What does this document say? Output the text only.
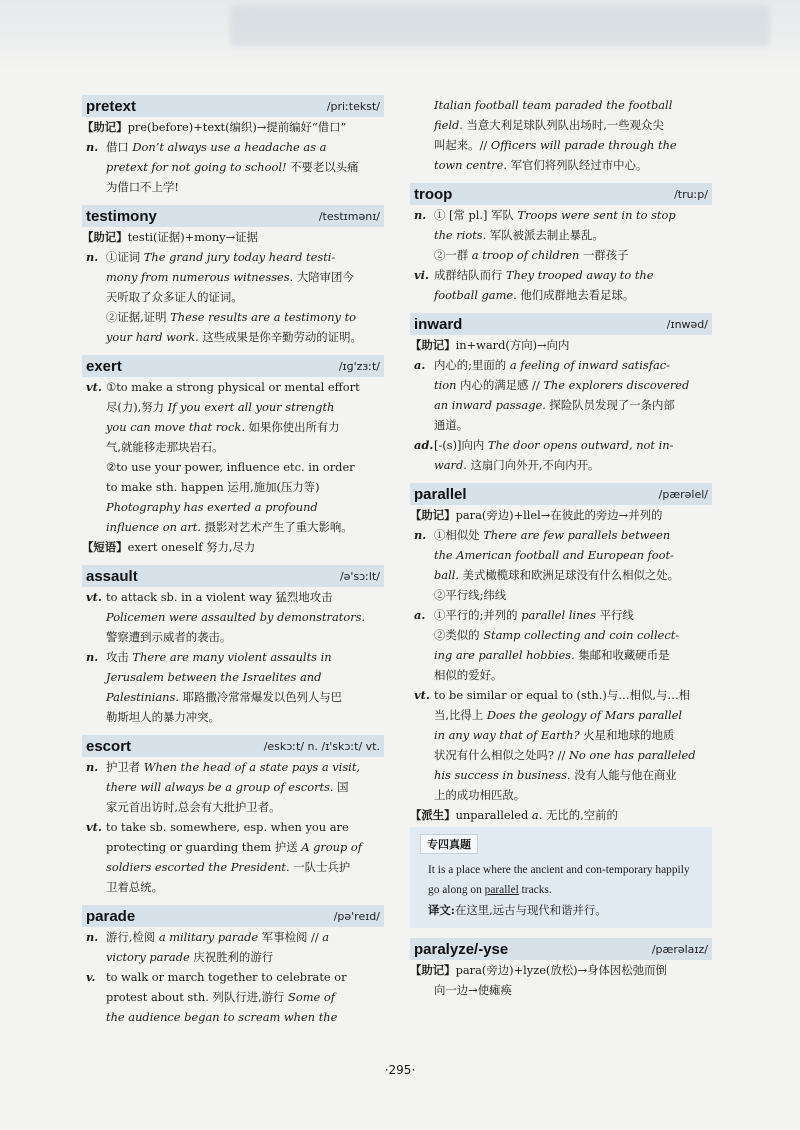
pretext	/priːtekst/
【助记】pre(before)+text(编织)→提前编好“借口”
n. 借口 Don’t always use a headache as a
pretext for not going to school! 不要老以头痛
为借口不上学!
testimony	/testɪmənɪ/
【助记】testi(证据)+mony→证据
n. ①证词 The grand jury today heard testi-
mony from numerous witnesses. 大陪审团今
天听取了众多证人的证词。
②证据,证明 These results are a testimony to
your hard work. 这些成果是你辛勤劳动的证明。
exert	/ɪɡ'zɜːt/
vt. ①to make a strong physical or mental effort
尽(力),努力 If you exert all your strength
you can move that rock. 如果你使出所有力
气,就能移走那块岩石。
②to use your power, influence etc. in order
to make sth. happen 运用,施加(压力等)
Photography has exerted a profound
influence on art. 摄影对艺术产生了重大影响。
【短语】exert oneself 努力,尽力
assault	/ə'sɔːlt/
vt. to attack sb. in a violent way 猛烈地攻击
Policemen were assaulted by demonstrators.
警察遭到示威者的袭击。
n. 攻击 There are many violent assaults in
Jerusalem between the Israelites and
Palestinians. 耶路撒冷常常爆发以色列人与巴
勒斯坦人的暴力冲突。
escort	/eskɔːt/ n. /ɪ'skɔːt/ vt.
n. 护卫者 When the head of a state pays a visit,
there will always be a group of escorts. 国
家元首出访时,总会有大批护卫者。
vt. to take sb. somewhere, esp. when you are
protecting or guarding them 护送 A group of
soldiers escorted the President. 一队士兵护
卫着总统。
parade	/pə'reɪd/
n. 游行,检阅 a military parade 军事检阅 // a
victory parade 庆祝胜利的游行
v. to walk or march together to celebrate or
protest about sth. 列队行进,游行 Some of
the audience began to scream when the
Italian football team paraded the football
field. 当意大利足球队列队出场时,一些观众尖
叫起来。// Officers will parade through the
town centre. 军官们将列队经过市中心。
troop	/truːp/
n. ① [常 pl.] 军队 Troops were sent in to stop
the riots. 军队被派去制止暴乱。
②一群 a troop of children 一群孩子
vi. 成群结队而行 They trooped away to the
football game. 他们成群地去看足球。
inward	/ɪnwəd/
【助记】in+ward(方向)→向内
a. 内心的;里面的 a feeling of inward satisfac-
tion 内心的满足感 // The explorers discovered
an inward passage. 探险队员发现了一条内部
通道。
ad. [-(s)]向内 The door opens outward, not in-
ward. 这扇门向外开,不向内开。
parallel	/pærəlel/
【助记】para(旁边)+llel→在彼此的旁边→并列的
n. ①相似处 There are few parallels between
the American football and European foot-
ball. 美式橄榄球和欧洲足球没有什么相似之处。
②平行线;纬线
a. ①平行的;并列的 parallel lines 平行线
②类似的 Stamp collecting and coin collect-
ing are parallel hobbies. 集邮和收藏硬币是
相似的爱好。
vt. to be similar or equal to (sth.)与…相似,与…相
当,比得上 Does the geology of Mars parallel
in any way that of Earth? 火星和地球的地质
状况有什么相似之处吗? // No one has paralleled
his success in business. 没有人能与他在商业
上的成功相匹敌。
【派生】unparalleled a. 无比的,空前的
专四真题
It is a place where the ancient and con-temporary happily go along on parallel tracks.
译文:在这里,远古与现代和谐并行。
paralyze/-yse	/pærəlaɪz/
【助记】para(旁边)+lyze(放松)→身体因松弛而倒
向一边→使瘫痪
·295·
